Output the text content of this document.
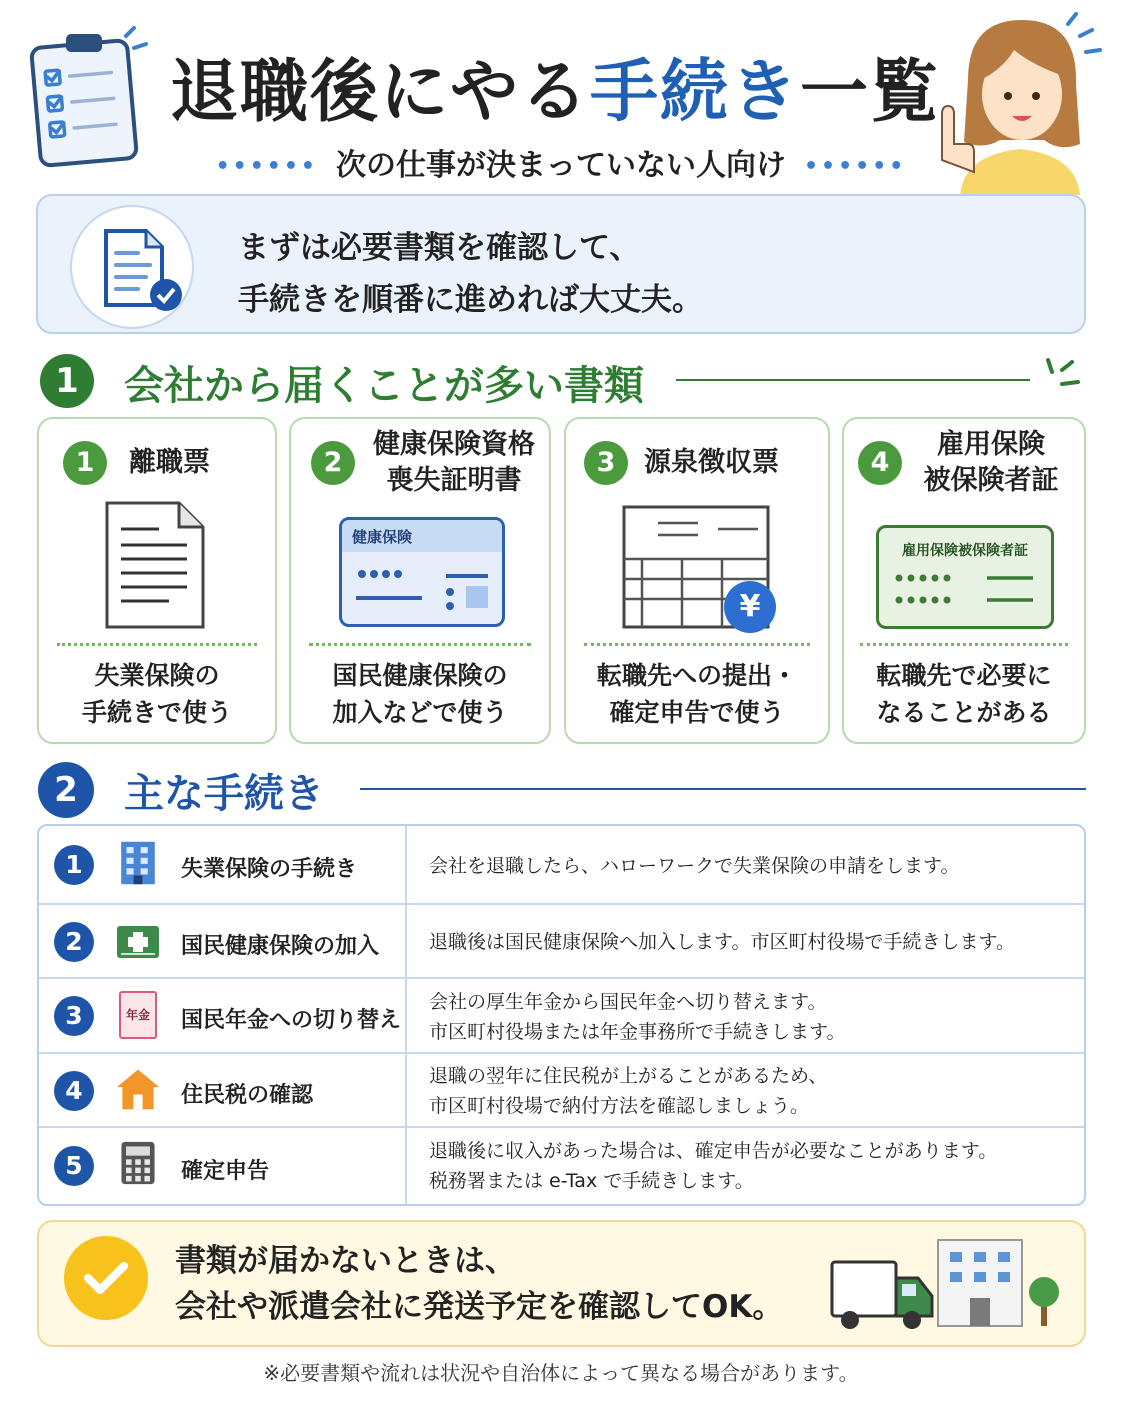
退職後にやる手続き一覧
•••••• 次の仕事が決まっていない人向け ••••••
まずは必要書類を確認して、
手続きを順番に進めれば大丈夫。
1	会社から届くことが多い書類
1	離職票
失業保険の
手続きで使う
2
健康保険資格
喪失証明書
健康保険
国民健康保険の
加入などで使う
3	源泉徴収票
¥
転職先への提出・
確定申告で使う
4
雇用保険
被保険者証
雇用保険被保険者証
転職先で必要に
なることがある
2	主な手続き
1	失業保険の手続き	会社を退職したら、ハローワークで失業保険の申請をします。
2	国民健康保険の加入	退職後は国民健康保険へ加入します。市区町村役場で手続きします。
3	年金	国民年金への切り替え
会社の厚生年金から国民年金へ切り替えます。
市区町村役場または年金事務所で手続きします。
4	住民税の確認
退職の翌年に住民税が上がることがあるため、
市区町村役場で納付方法を確認しましょう。
5	確定申告
退職後に収入があった場合は、確定申告が必要なことがあります。
税務署または e-Tax で手続きします。
書類が届かないときは、
会社や派遣会社に発送予定を確認してOK。
※必要書類や流れは状況や自治体によって異なる場合があります。
